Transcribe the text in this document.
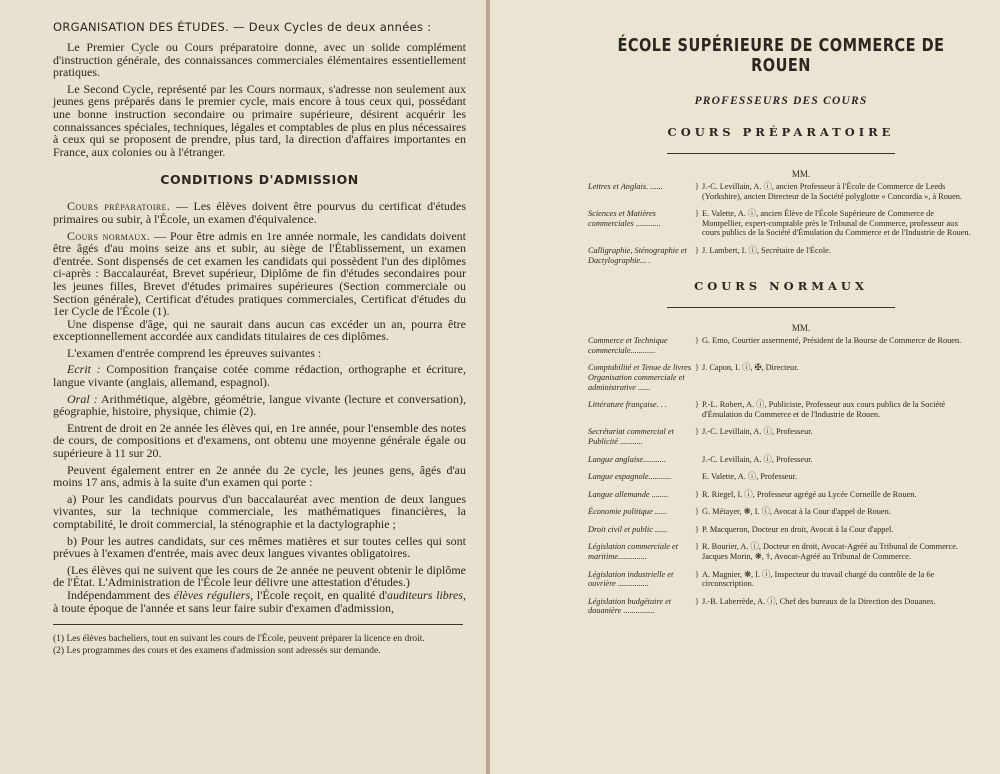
ORGANISATION DES ÉTUDES. — Deux Cycles de deux années :

Le Premier Cycle ou Cours préparatoire donne, avec un solide complément d'instruction générale, des connaissances commerciales élémentaires essentiellement pratiques.

Le Second Cycle, représenté par les Cours normaux, s'adresse non seulement aux jeunes gens préparés dans le premier cycle, mais encore à tous ceux qui, possédant une bonne instruction secondaire ou primaire supérieure, désirent acquérir les connaissances spéciales, techniques, légales et comptables de plus en plus nécessaires à ceux qui se proposent de prendre, plus tard, la direction d'affaires importantes en France, aux colonies ou à l'étranger.

CONDITIONS D'ADMISSION

Cours préparatoire. — Les élèves doivent être pourvus du certificat d'études primaires ou subir, à l'École, un examen d'équivalence.

Cours normaux. — Pour être admis en 1re année normale, les candidats doivent être âgés d'au moins seize ans et subir, au siège de l'Établissement, un examen d'entrée. Sont dispensés de cet examen les candidats qui possèdent l'un des diplômes ci-après : Baccalauréat, Brevet supérieur, Diplôme de fin d'études secondaires pour les jeunes filles, Brevet d'études primaires supérieures (Section commerciale ou Section générale), Certificat d'études pratiques commerciales, Certificat d'études du 1er Cycle de l'École (1).

Une dispense d'âge, qui ne saurait dans aucun cas excéder un an, pourra être exceptionnellement accordée aux candidats titulaires de ces diplômes.

L'examen d'entrée comprend les épreuves suivantes :

Ecrit : Composition française cotée comme rédaction, orthographe et écriture, langue vivante (anglais, allemand, espagnol).

Oral : Arithmétique, algèbre, géométrie, langue vivante (lecture et conversation), géographie, histoire, physique, chimie (2).

Entrent de droit en 2e année les élèves qui, en 1re année, pour l'ensemble des notes de cours, de compositions et d'examens, ont obtenu une moyenne générale égale ou supérieure à 11 sur 20.

Peuvent également entrer en 2e année du 2e cycle, les jeunes gens, âgés d'au moins 17 ans, admis à la suite d'un examen qui porte :

a) Pour les candidats pourvus d'un baccalauréat avec mention de deux langues vivantes, sur la technique commerciale, les mathématiques financières, la comptabilité, le droit commercial, la sténographie et la dactylographie ;

b) Pour les autres candidats, sur ces mêmes matières et sur toutes celles qui sont prévues à l'examen d'entrée, mais avec deux langues vivantes obligatoires.

(Les élèves qui ne suivent que les cours de 2e année ne peuvent obtenir le diplôme de l'État. L'Administration de l'École leur délivre une attestation d'études.)

Indépendamment des élèves réguliers, l'École reçoit, en qualité d'auditeurs libres, à toute époque de l'année et sans leur faire subir d'examen d'admission,

(1) Les élèves bacheliers, tout en suivant les cours de l'École, peuvent préparer la licence en droit.

(2) Les programmes des cours et des examens d'admission sont adressés sur demande.

ÉCOLE SUPÉRIEURE DE COMMERCE DE ROUEN

PROFESSEURS DES COURS

COURS PRÉPARATOIRE

MM.

Lettres et Anglais. ......	} J.-C. Levillain, A. ⓘ, ancien Professeur à l'École de Commerce de Leeds (Yorkshire), ancien Directeur de la Société polyglotte « Concordia », à Rouen.
Sciences et Matières commerciales ............
} E. Valette, A. ⓘ, ancien Élève de l'École Supérieure de Commerce de Montpellier, expert-comptable près le Tribunal de Commerce, professeur aux cours publics de la Société d'Émulation du Commerce et de l'Industrie de Rouen.
Calligraphie, Sténographie et Dactylographie... .
} J. Lambert, I. ⓘ, Secrétaire de l'École.

COURS NORMAUX

MM.

Commerce et Technique commerciale............
} G. Emo, Courtier assermenté, Président de la Bourse de Commerce de Rouen.
Comptabilité et Tenue de livres Organisation commerciale et administrative ......
} J. Capon, I. ⓘ, ✠, Directeur.
Littérature française. . .	} P.-L. Robert, A. ⓘ, Publiciste, Professeur aux cours publics de la Société d'Émulation du Commerce et de l'Industrie de Rouen.
Secrétariat commercial et Publicité ...........
} J.-C. Levillain, A. ⓘ, Professeur.
Langue anglaise...........	J.-C. Levillain, A. ⓘ, Professeur.
Langue espagnole...........	E. Valette, A. ⓘ, Professeur.
Langue allemande ........	} R. Riegel, I. ⓘ, Professeur agrégé au Lycée Corneille de Rouen.
Économie politique ......	} G. Métayer, ❋, I. ⓘ, Avocat à la Cour d'appel de Rouen.
Droit civil et public ......	} P. Macqueron, Docteur en droit, Avocat à la Cour d'appel.
Législation commerciale et maritime..............
} R. Bourier, A. ⓘ, Docteur en droit, Avocat-Agréé au Tribunal de Commerce. Jacques Morin, ❋, ⚕, Avocat-Agréé au Tribunal de Commerce.
Législation industrielle et ouvrière ...............
} A. Magnier, ❋, I. ⓘ, Inspecteur du travail chargé du contrôle de la 6e circonscription.
Législation budgétaire et douanière ...............
} J.-B. Laberrède, A. ⓘ, Chef des bureaux de la Direction des Douanes.
